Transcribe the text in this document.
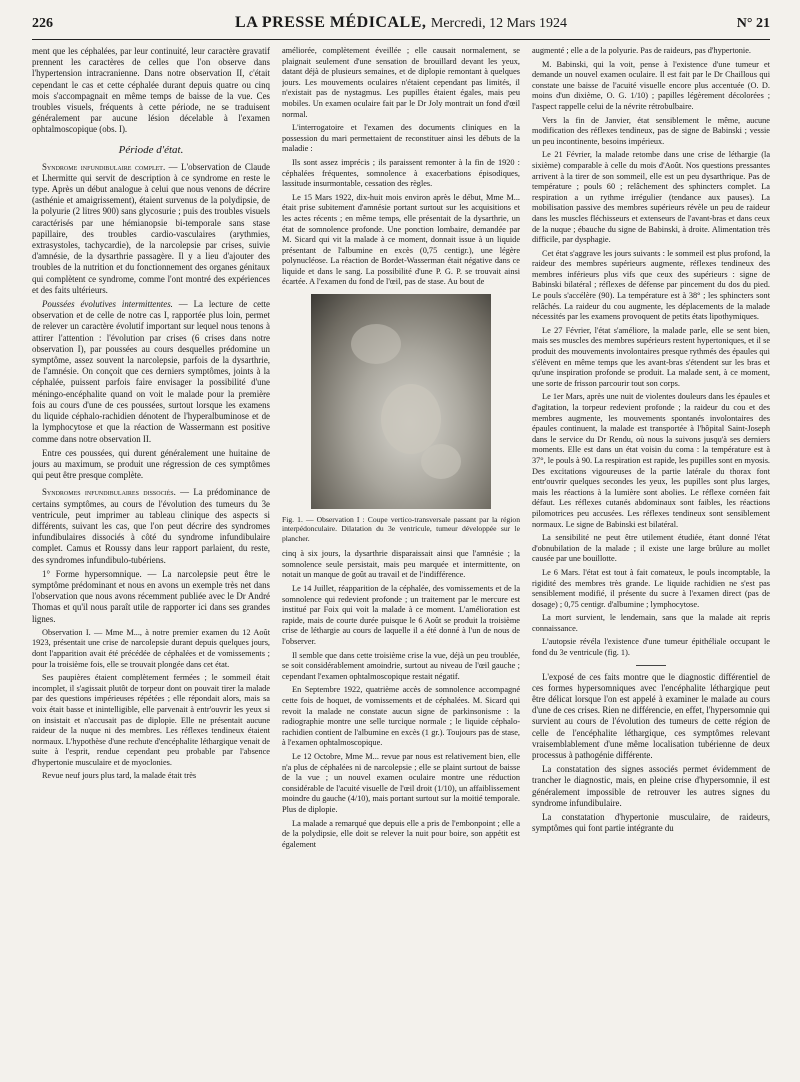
226	LA PRESSE MÉDICALE, Mercredi, 12 Mars 1924	N° 21

ment que les céphalées, par leur continuité, leur caractère gravatif prennent les caractères de celles que l'on observe dans l'hypertension intracranienne. Dans notre observation II, c'était cependant le cas et cette céphalée durant depuis quatre ou cinq mois s'accompagnait en même temps de baisse de la vue. Ces troubles visuels, fréquents à cette période, ne se traduisent généralement par aucune lésion décelable à l'examen ophtalmoscopique (obs. I).

Période d'état.

Syndrome infundibulaire complet. — L'observation de Claude et Lhermitte qui servit de description à ce syndrome en reste le type. Après un début analogue à celui que nous venons de décrire (asthénie et amaigrissement), étaient survenus de la polydipsie, de la polyurie (2 litres 900) sans glycosurie ; puis des troubles visuels caractérisés par une hémianopsie bi-temporale sans stase papillaire, des troubles cardio-vasculaires (arythmies, extrasystoles, tachycardie), de la narcolepsie par crises, suivie d'amnésie, de la dysarthrie passagère. Il y a lieu d'ajouter des troubles de la nutrition et du fonctionnement des organes génitaux qui complètent ce syndrome, comme l'ont montré des expériences et des faits ultérieurs.

Poussées évolutives intermittentes. — La lecture de cette observation et de celle de notre cas I, rapportée plus loin, permet de relever un caractère évolutif important sur lequel nous tenons à attirer l'attention : l'évolution par crises (6 crises dans notre observation I), par poussées au cours desquelles prédomine un symptôme, assez souvent la narcolepsie, parfois de la dysarthrie, de l'amnésie. On conçoit que ces derniers symptômes, joints à la céphalée, puissent parfois faire envisager la possibilité d'une méningo-encéphalite quand on voit le malade pour la première fois au cours d'une de ces poussées, surtout lorsque les examens du liquide céphalo-rachidien dénotent de l'hyperalbuminose et de la lymphocytose et que la réaction de Wassermann est positive comme dans notre observation II.

Entre ces poussées, qui durent généralement une huitaine de jours au maximum, se produit une régression de ces symptômes qui peut être presque complète.

Syndromes infundibulaires dissociés. — La prédominance de certains symptômes, au cours de l'évolution des tumeurs du 3e ventricule, peut imprimer au tableau clinique des aspects si différents, suivant les cas, que l'on peut décrire des syndromes infundibulaires dissociés à côté du syndrome infundibulaire complet. Camus et Roussy dans leur rapport parlaient, du reste, des syndromes infundibulo-tubériens.

1° Forme hypersomnique. — La narcolepsie peut être le symptôme prédominant et nous en avons un exemple très net dans l'observation que nous avons récemment publiée avec le Dr André Thomas et qu'il nous paraît utile de rapporter ici dans ses grandes lignes.

Observation I. — Mme M..., à notre premier examen du 12 Août 1923, présentait une crise de narcolepsie durant depuis quelques jours, dont l'apparition avait été précédée de céphalées et de vomissements ; pour la troisième fois, elle se trouvait plongée dans cet état.

Ses paupières étaient complètement fermées ; le sommeil était incomplet, il s'agissait plutôt de torpeur dont on pouvait tirer la malade par des questions impérieuses répétées ; elle répondait alors, mais sa voix était basse et inintelligible, elle parvenait à entr'ouvrir les yeux si on insistait et n'accusait pas de diplopie. Elle ne présentait aucune raideur de la nuque ni des membres. Les réflexes tendineux étaient normaux. L'hypothèse d'une rechute d'encéphalite léthargique venait de suite à l'esprit, rendue cependant peu probable par l'absence d'hypertonie musculaire et de myoclonies.

Revue neuf jours plus tard, la malade était très

améliorée, complètement éveillée ; elle causait normalement, se plaignait seulement d'une sensation de brouillard devant les yeux, datant déjà de plusieurs semaines, et de diplopie remontant à quelques jours. Les mouvements oculaires n'étaient cependant pas limités, il n'existait pas de nystagmus. Les pupilles étaient égales, mais peu mobiles. Un examen oculaire fait par le Dr Joly montrait un fond d'œil normal.

L'interrogatoire et l'examen des documents cliniques en la possession du mari permettaient de reconstituer ainsi les débuts de la maladie :

Ils sont assez imprécis ; ils paraissent remonter à la fin de 1920 : céphalées fréquentes, somnolence à exacerbations épisodiques, lassitude insurmontable, cessation des règles.

Le 15 Mars 1922, dix-huit mois environ après le début, Mme M... était prise subitement d'amnésie portant surtout sur les acquisitions et les actes récents ; en même temps, elle présentait de la dysarthrie, un état de somnolence profonde. Une ponction lombaire, demandée par M. Sicard qui vit la malade à ce moment, donnait issue à un liquide présentant de l'albumine en excès (0,75 centigr.), une légère polynucléose. La réaction de Bordet-Wasserman était négative dans ce liquide et dans le sang. La possibilité d'une P. G. P. se trouvait ainsi écartée. A l'examen du fond de l'œil, pas de stase. Au bout de

Fig. 1. — Observation I : Coupe vertico-transversale passant par la région interpédonculaire. Dilatation du 3e ventricule, tumeur développée sur le plancher.

cinq à six jours, la dysarthrie disparaissait ainsi que l'amnésie ; la somnolence seule persistait, mais peu marquée et intermittente, on notait un manque de goût au travail et de l'indifférence.

Le 14 Juillet, réapparition de la céphalée, des vomissements et de la somnolence qui redevient profonde ; un traitement par le mercure est institué par Foix qui voit la malade à ce moment. L'amélioration est rapide, mais de courte durée puisque le 6 Août se produit la troisième crise de léthargie au cours de laquelle il a été donné à l'un de nous de l'observer.

Il semble que dans cette troisième crise la vue, déjà un peu troublée, se soit considérablement amoindrie, surtout au niveau de l'œil gauche ; cependant l'examen ophtalmoscopique restait négatif.

En Septembre 1922, quatrième accès de somnolence accompagné cette fois de hoquet, de vomissements et de céphalées. M. Sicard qui revoit la malade ne constate aucun signe de parkinsonisme : la radiographie montre une selle turcique normale ; le liquide céphalo-rachidien contient de l'albumine en excès (1 gr.). Toujours pas de stase, à l'examen ophtalmoscopique.

Le 12 Octobre, Mme M... revue par nous est relativement bien, elle n'a plus de céphalées ni de narcolepsie ; elle se plaint surtout de baisse de la vue ; un nouvel examen oculaire montre une réduction considérable de l'acuité visuelle de l'œil droit (1/10), un affaiblissement moindre du gauche (4/10), mais portant surtout sur la moitié temporale. Plus de diplopie.

La malade a remarqué que depuis elle a pris de l'embonpoint ; elle a de la polydipsie, elle doit se relever la nuit pour boire, son appétit est également

augmenté ; elle a de la polyurie. Pas de raideurs, pas d'hypertonie.

M. Babinski, qui la voit, pense à l'existence d'une tumeur et demande un nouvel examen oculaire. Il est fait par le Dr Chaillous qui constate une baisse de l'acuité visuelle encore plus accentuée (O. D. moins d'un dixième, O. G. 1/10) ; papilles légèrement décolorées ; l'aspect rappelle celui de la névrite rétrobulbaire.

Vers la fin de Janvier, état sensiblement le même, aucune modification des réflexes tendineux, pas de signe de Babinski ; vessie un peu incontinente, besoins impérieux.

Le 21 Février, la malade retombe dans une crise de léthargie (la sixième) comparable à celle du mois d'Août. Nos questions pressantes arrivent à la tirer de son sommeil, elle est un peu dysarthrique. Pas de température ; pouls 60 ; relâchement des sphincters complet. La respiration a un rythme irrégulier (tendance aux pauses). La mobilisation passive des membres supérieurs révèle un peu de raideur dans les muscles fléchisseurs et extenseurs de l'avant-bras et dans ceux de la nuque ; ébauche du signe de Babinski, à droite. Alimentation très difficile, par dysphagie.

Cet état s'aggrave les jours suivants : le sommeil est plus profond, la raideur des membres supérieurs augmente, réflexes tendineux des membres inférieurs plus vifs que ceux des supérieurs : signe de Babinski bilatéral ; réflexes de défense par pincement du dos du pied. Le pouls s'accélère (90). La température est à 38° ; les sphincters sont relâchés. La raideur du cou augmente, les déplacements de la malade nécessités par les examens provoquent de petits états lipothymiques.

Le 27 Février, l'état s'améliore, la malade parle, elle se sent bien, mais ses muscles des membres supérieurs restent hypertoniques, et il se produit des mouvements involontaires presque rythmés des épaules qui s'élèvent en même temps que les avant-bras s'étendent sur les bras et qu'une inspiration profonde se produit. La malade sent, à ce moment, une sorte de frisson parcourir tout son corps.

Le 1er Mars, après une nuit de violentes douleurs dans les épaules et d'agitation, la torpeur redevient profonde ; la raideur du cou et des membres augmente, les mouvements spontanés involontaires des épaules continuent, la malade est transportée à l'hôpital Saint-Joseph dans le service du Dr Rendu, où nous la suivons jusqu'à ses derniers moments. Elle est dans un état voisin du coma : la température est à 37°, le pouls à 90. La respiration est rapide, les pupilles sont en myosis. Des excitations vigoureuses de la partie latérale du thorax font entr'ouvrir quelques secondes les yeux, les pupilles sont plus larges, mais les réactions à la lumière sont abolies. Le réflexe cornéen fait défaut. Les réflexes cutanés abdominaux sont faibles, les réactions pilomotrices peu accusées. Les réflexes tendineux sont sensiblement normaux. Le signe de Babinski est bilatéral.

La sensibilité ne peut être utilement étudiée, étant donné l'état d'obnubilation de la malade ; il existe une large brûlure au mollet causée par une bouillotte.

Le 6 Mars. l'état est tout à fait comateux, le pouls incomptable, la rigidité des membres très grande. Le liquide rachidien ne s'est pas sensiblement modifié, il présente du sucre à l'examen direct (pas de dosage) ; 0,75 centigr. d'albumine ; lymphocytose.

La mort survient, le lendemain, sans que la malade ait repris connaissance.

L'autopsie révéla l'existence d'une tumeur épithéliale occupant le fond du 3e ventricule (fig. 1).

L'exposé de ces faits montre que le diagnostic différentiel de ces formes hypersomniques avec l'encéphalite léthargique peut être délicat lorsque l'on est appelé à examiner le malade au cours d'une de ces crises. Rien ne différencie, en effet, l'hypersomnie qui survient au cours de l'évolution des tumeurs de cette région de celle de l'encéphalite léthargique, ces symptômes relevant vraisemblablement d'une même localisation tubérienne de deux processus à pathogénie différente.

La constatation des signes associés permet évidemment de trancher le diagnostic, mais, en pleine crise d'hypersomnie, il est généralement impossible de retrouver les autres signes du syndrome infundibulaire.

La constatation d'hypertonie musculaire, de raideurs, symptômes qui font partie intégrante du
